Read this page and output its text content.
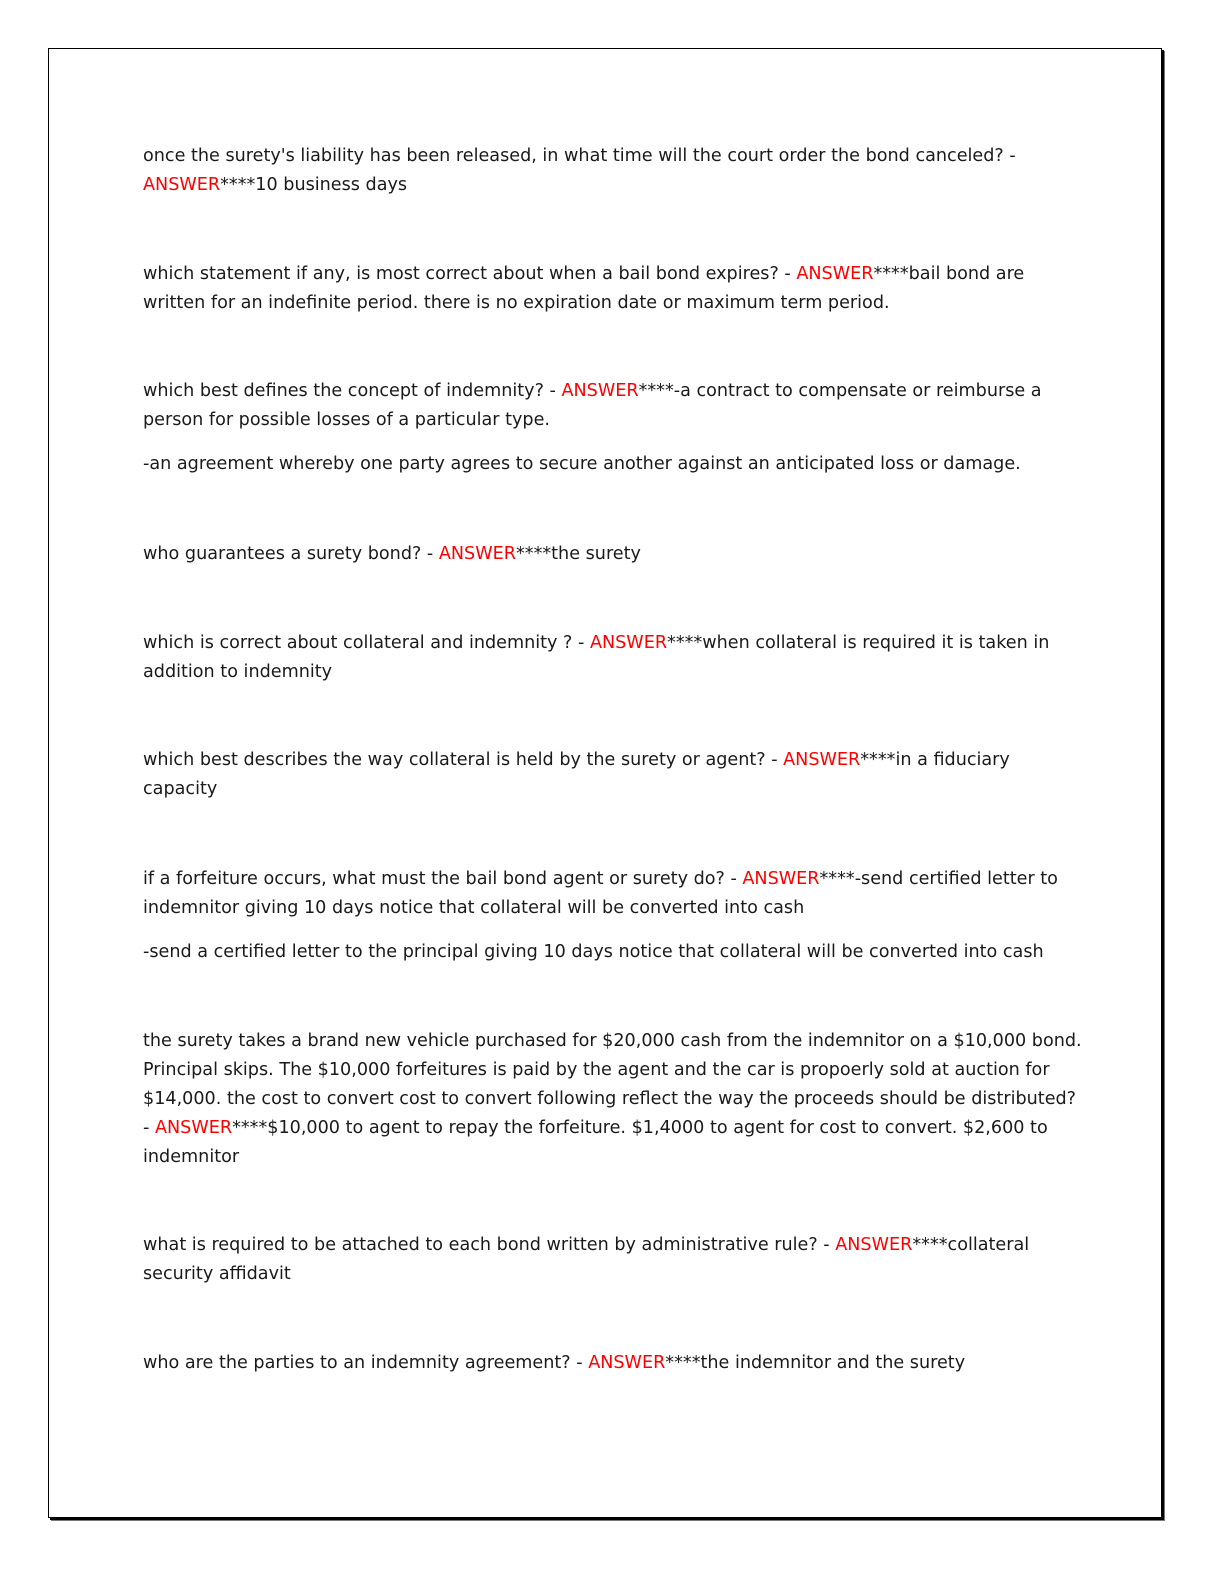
once the surety's liability has been released, in what time will the court order the bond canceled? - ANSWER****10 business days

which statement if any, is most correct about when a bail bond expires? - ANSWER****bail bond are written for an indefinite period. there is no expiration date or maximum term period.

which best defines the concept of indemnity? - ANSWER****-a contract to compensate or reimburse a person for possible losses of a particular type.

-an agreement whereby one party agrees to secure another against an anticipated loss or damage.

who guarantees a surety bond? - ANSWER****the surety

which is correct about collateral and indemnity ? - ANSWER****when collateral is required it is taken in addition to indemnity

which best describes the way collateral is held by the surety or agent? - ANSWER****in a fiduciary capacity

if a forfeiture occurs, what must the bail bond agent or surety do? - ANSWER****-send certified letter to indemnitor giving 10 days notice that collateral will be converted into cash

-send a certified letter to the principal giving 10 days notice that collateral will be converted into cash

the surety takes a brand new vehicle purchased for $20,000 cash from the indemnitor on a $10,000 bond. Principal skips. The $10,000 forfeitures is paid by the agent and the car is propoerly sold at auction for $14,000. the cost to convert cost to convert following reflect the way the proceeds should be distributed? - ANSWER****$10,000 to agent to repay the forfeiture. $1,4000 to agent for cost to convert. $2,600 to indemnitor

what is required to be attached to each bond written by administrative rule? - ANSWER****collateral security affidavit

who are the parties to an indemnity agreement? - ANSWER****the indemnitor and the surety
